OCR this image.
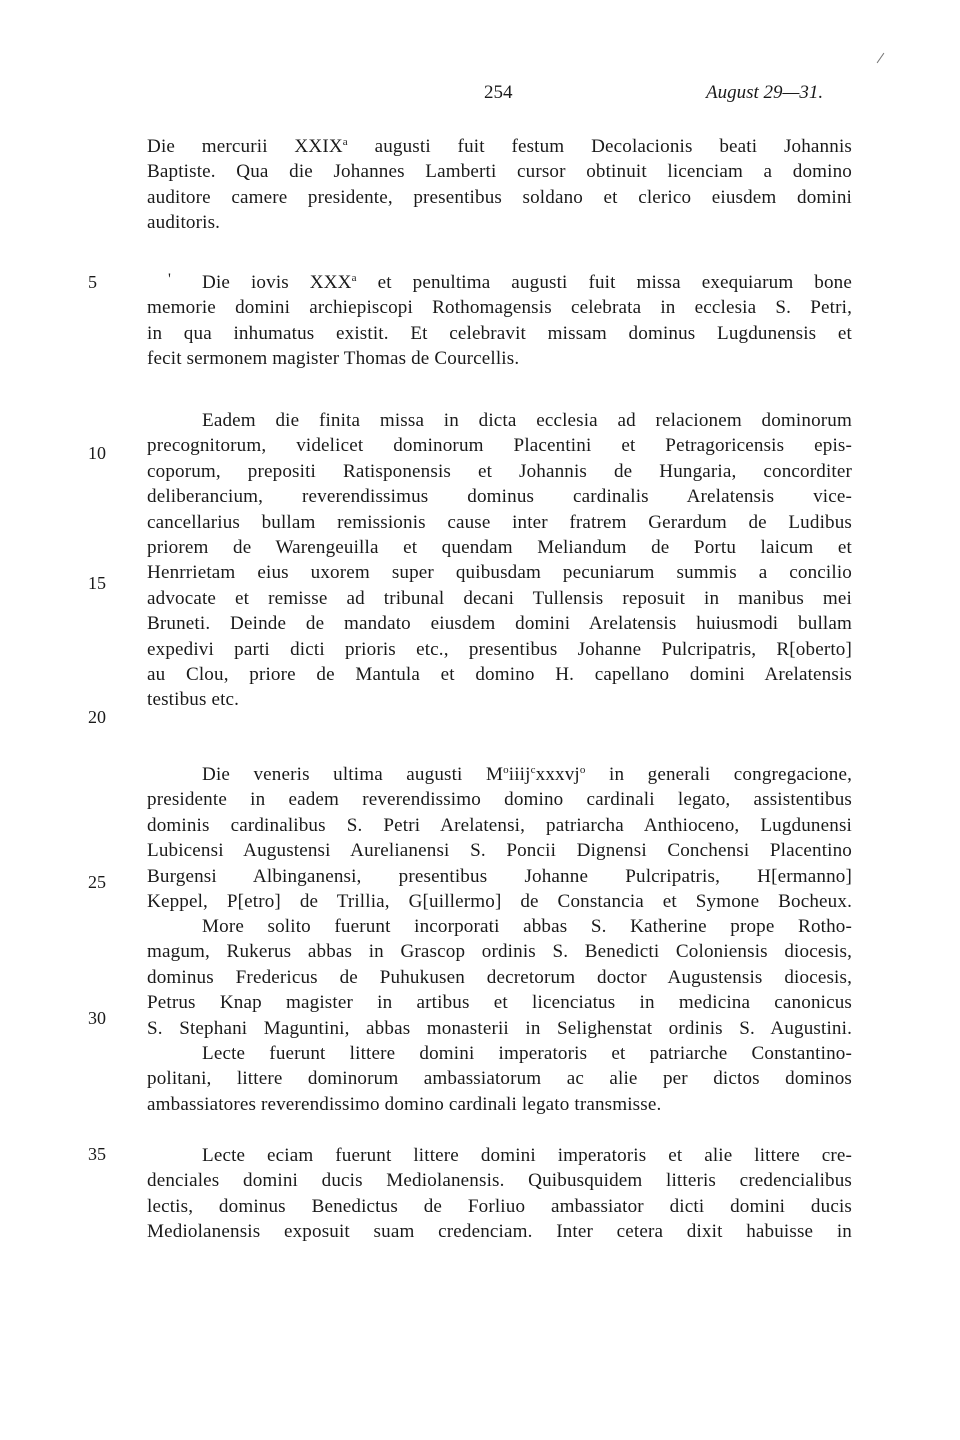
254	August 29—31.
Die mercurii XXIX$^a$ augusti fuit festum Decolacionis beati Johannis
Baptiste. Qua die Johannes Lamberti cursor obtinuit licenciam a domino
auditore camere presidente, presentibus soldano et clerico eiusdem domini
auditoris.
Die iovis XXX$^a$ et penultima augusti fuit missa exequiarum bone
memorie domini archiepiscopi Rothomagensis celebrata in ecclesia S. Petri,
in qua inhumatus existit. Et celebravit missam dominus Lugdunensis et
fecit sermonem magister Thomas de Courcellis.
'
Eadem die finita missa in dicta ecclesia ad relacionem dominorum
precognitorum, videlicet dominorum Placentini et Petragoricensis epis-
coporum, prepositi Ratisponensis et Johannis de Hungaria, concorditer
deliberancium, reverendissimus dominus cardinalis Arelatensis vice-
cancellarius bullam remissionis cause inter fratrem Gerardum de Ludibus
priorem de Warengeuilla et quendam Meliandum de Portu laicum et
Henrrietam eius uxorem super quibusdam pecuniarum summis a concilio
advocate et remisse ad tribunal decani Tullensis reposuit in manibus mei
Bruneti. Deinde de mandato eiusdem domini Arelatensis huiusmodi bullam
expedivi parti dicti prioris etc., presentibus Johanne Pulcripatris, R[oberto]
au Clou, priore de Mantula et domino H. capellano domini Arelatensis
testibus etc.
Die veneris ultima augusti $M^oiiij^cxxxvj^o$ in generali congregacione,
presidente in eadem reverendissimo domino cardinali legato, assistentibus
dominis cardinalibus S. Petri Arelatensi, patriarcha Anthioceno, Lugdunensi
Lubicensi Augustensi Aurelianensi S. Poncii Dignensi Conchensi Placentino
Burgensi Albinganensi, presentibus Johanne Pulcripatris, H[ermanno]
Keppel, P[etro] de Trillia, G[uillermo] de Constancia et Symone Bocheux.
More solito fuerunt incorporati abbas S. Katherine prope Rotho-
magum, Rukerus abbas in Grascop ordinis S. Benedicti Coloniensis diocesis,
dominus Fredericus de Puhukusen decretorum doctor Augustensis diocesis,
Petrus Knap magister in artibus et licenciatus in medicina canonicus
S. Stephani Maguntini, abbas monasterii in Selighenstat ordinis S. Augustini.
Lecte fuerunt littere domini imperatoris et patriarche Constantino-
politani, littere dominorum ambassiatorum ac alie per dictos dominos
ambassiatores reverendissimo domino cardinali legato transmisse.
Lecte eciam fuerunt littere domini imperatoris et alie littere cre-
denciales domini ducis Mediolanensis. Quibusquidem litteris credencialibus
lectis, dominus Benedictus de Forliuo ambassiator dicti domini ducis
Mediolanensis exposuit suam credenciam. Inter cetera dixit habuisse in
5
10
15
20
25
30
35
